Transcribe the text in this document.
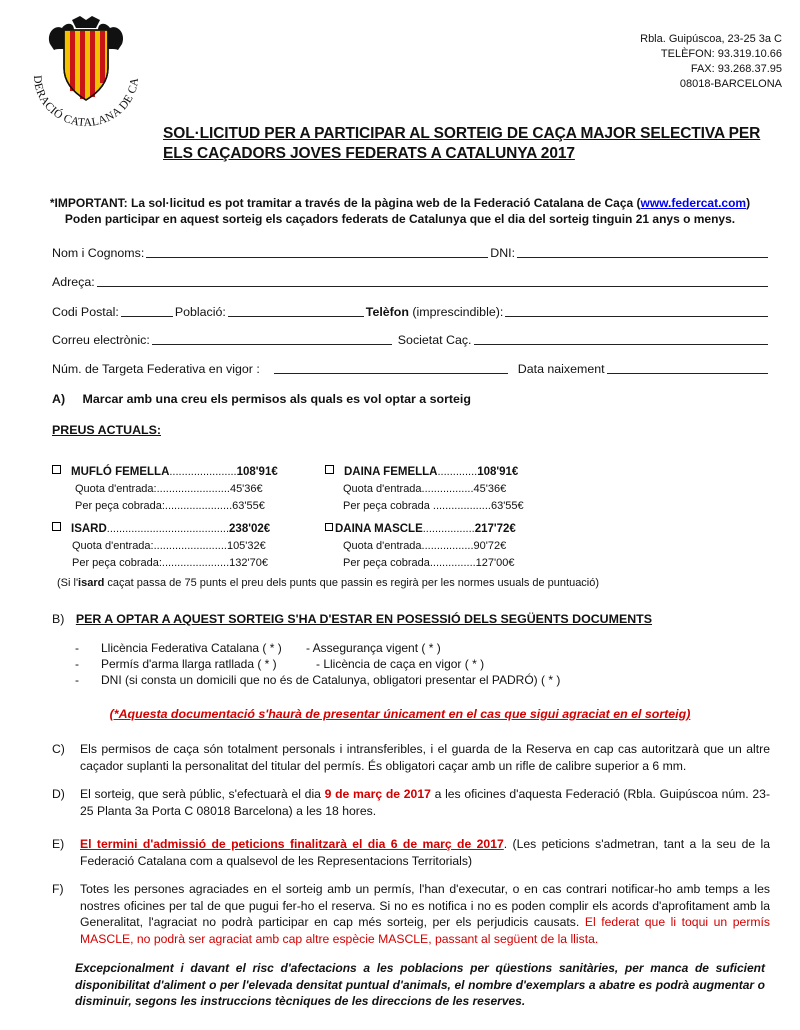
DERACIÓ CATALANA DE CA
Rbla. Guipúscoa, 23-25 3a C
TELÈFON: 93.319.10.66
FAX: 93.268.37.95
08018-BARCELONA
SOL·LICITUD PER A PARTICIPAR AL SORTEIG DE CAÇA MAJOR SELECTIVA PER ELS CAÇADORS JOVES FEDERATS A CATALUNYA 2017
*IMPORTANT: La sol·licitud es pot tramitar a través de la pàgina web de la Federació Catalana de Caça (www.federcat.com)
Poden participar en aquest sorteig els caçadors federats de Catalunya que el dia del sorteig tinguin 21 anys o menys.
Nom i Cognoms:	DNI:
Adreça:
Codi Postal:	Població:	Telèfon (imprescindible):
Correu electrònic:	Societat Caç.
Núm. de Targeta Federativa en vigor :	Data naixement
A) Marcar amb una creu els permisos als quals es vol optar a sorteig
PREUS ACTUALS:
MUFLÓ FEMELLA......................108'91€
Quota d'entrada:........................45'36€
Per peça cobrada:......................63'55€
DAINA FEMELLA.............108'91€
Quota d'entrada.................45'36€
Per peça cobrada ...................63'55€
ISARD........................................238'02€
Quota d'entrada:........................105'32€
Per peça cobrada:......................132'70€
DAINA MASCLE.................217'72€
Quota d'entrada.................90'72€
Per peça cobrada...............127'00€
(Si l'isard caçat passa de 75 punts el preu dels punts que passin es regirà per les normes usuals de puntuació)
B) PER A OPTAR A AQUEST SORTEIG S'HA D'ESTAR EN POSESSIÓ DELS SEGÜENTS DOCUMENTS
- Llicència Federativa Catalana ( * ) - Assegurança vigent ( * )
- Permís d'arma llarga ratllada ( * )	- Llicència de caça en vigor ( * )
- DNI (si consta un domicili que no és de Catalunya, obligatori presentar el PADRÓ) ( * )
(*Aquesta documentació s'haurà de presentar únicament en el cas que sigui agraciat en el sorteig)
C) Els permisos de caça són totalment personals i intransferibles, i el guarda de la Reserva en cap cas autoritzarà que un altre caçador suplanti la personalitat del titular del permís. És obligatori caçar amb un rifle de calibre superior a 6 mm.
D) El sorteig, que serà públic, s'efectuarà el dia 9 de març de 2017 a les oficines d'aquesta Federació (Rbla. Guipúscoa núm. 23-25 Planta 3a Porta C 08018 Barcelona) a les 18 hores.
E) El termini d'admissió de peticions finalitzarà el dia 6 de març de 2017. (Les peticions s'admetran, tant a la seu de la Federació Catalana com a qualsevol de les Representacions Territorials)
F) Totes les persones agraciades en el sorteig amb un permís, l'han d'executar, o en cas contrari notificar-ho amb temps a les nostres oficines per tal de que pugui fer-ho el reserva. Si no es notifica i no es poden complir els acords d'aprofitament amb la Generalitat, l'agraciat no podrà participar en cap més sorteig, per els perjudicis causats. El federat que li toqui un permís MASCLE, no podrà ser agraciat amb cap altre espècie MASCLE, passant al següent de la llista.
Excepcionalment i davant el risc d'afectacions a les poblacions per qüestions sanitàries, per manca de suficient disponibilitat d'aliment o per l'elevada densitat puntual d'animals, el nombre d'exemplars a abatre es podrà augmentar o disminuir, segons les instruccions tècniques de les direccions de les reserves.
